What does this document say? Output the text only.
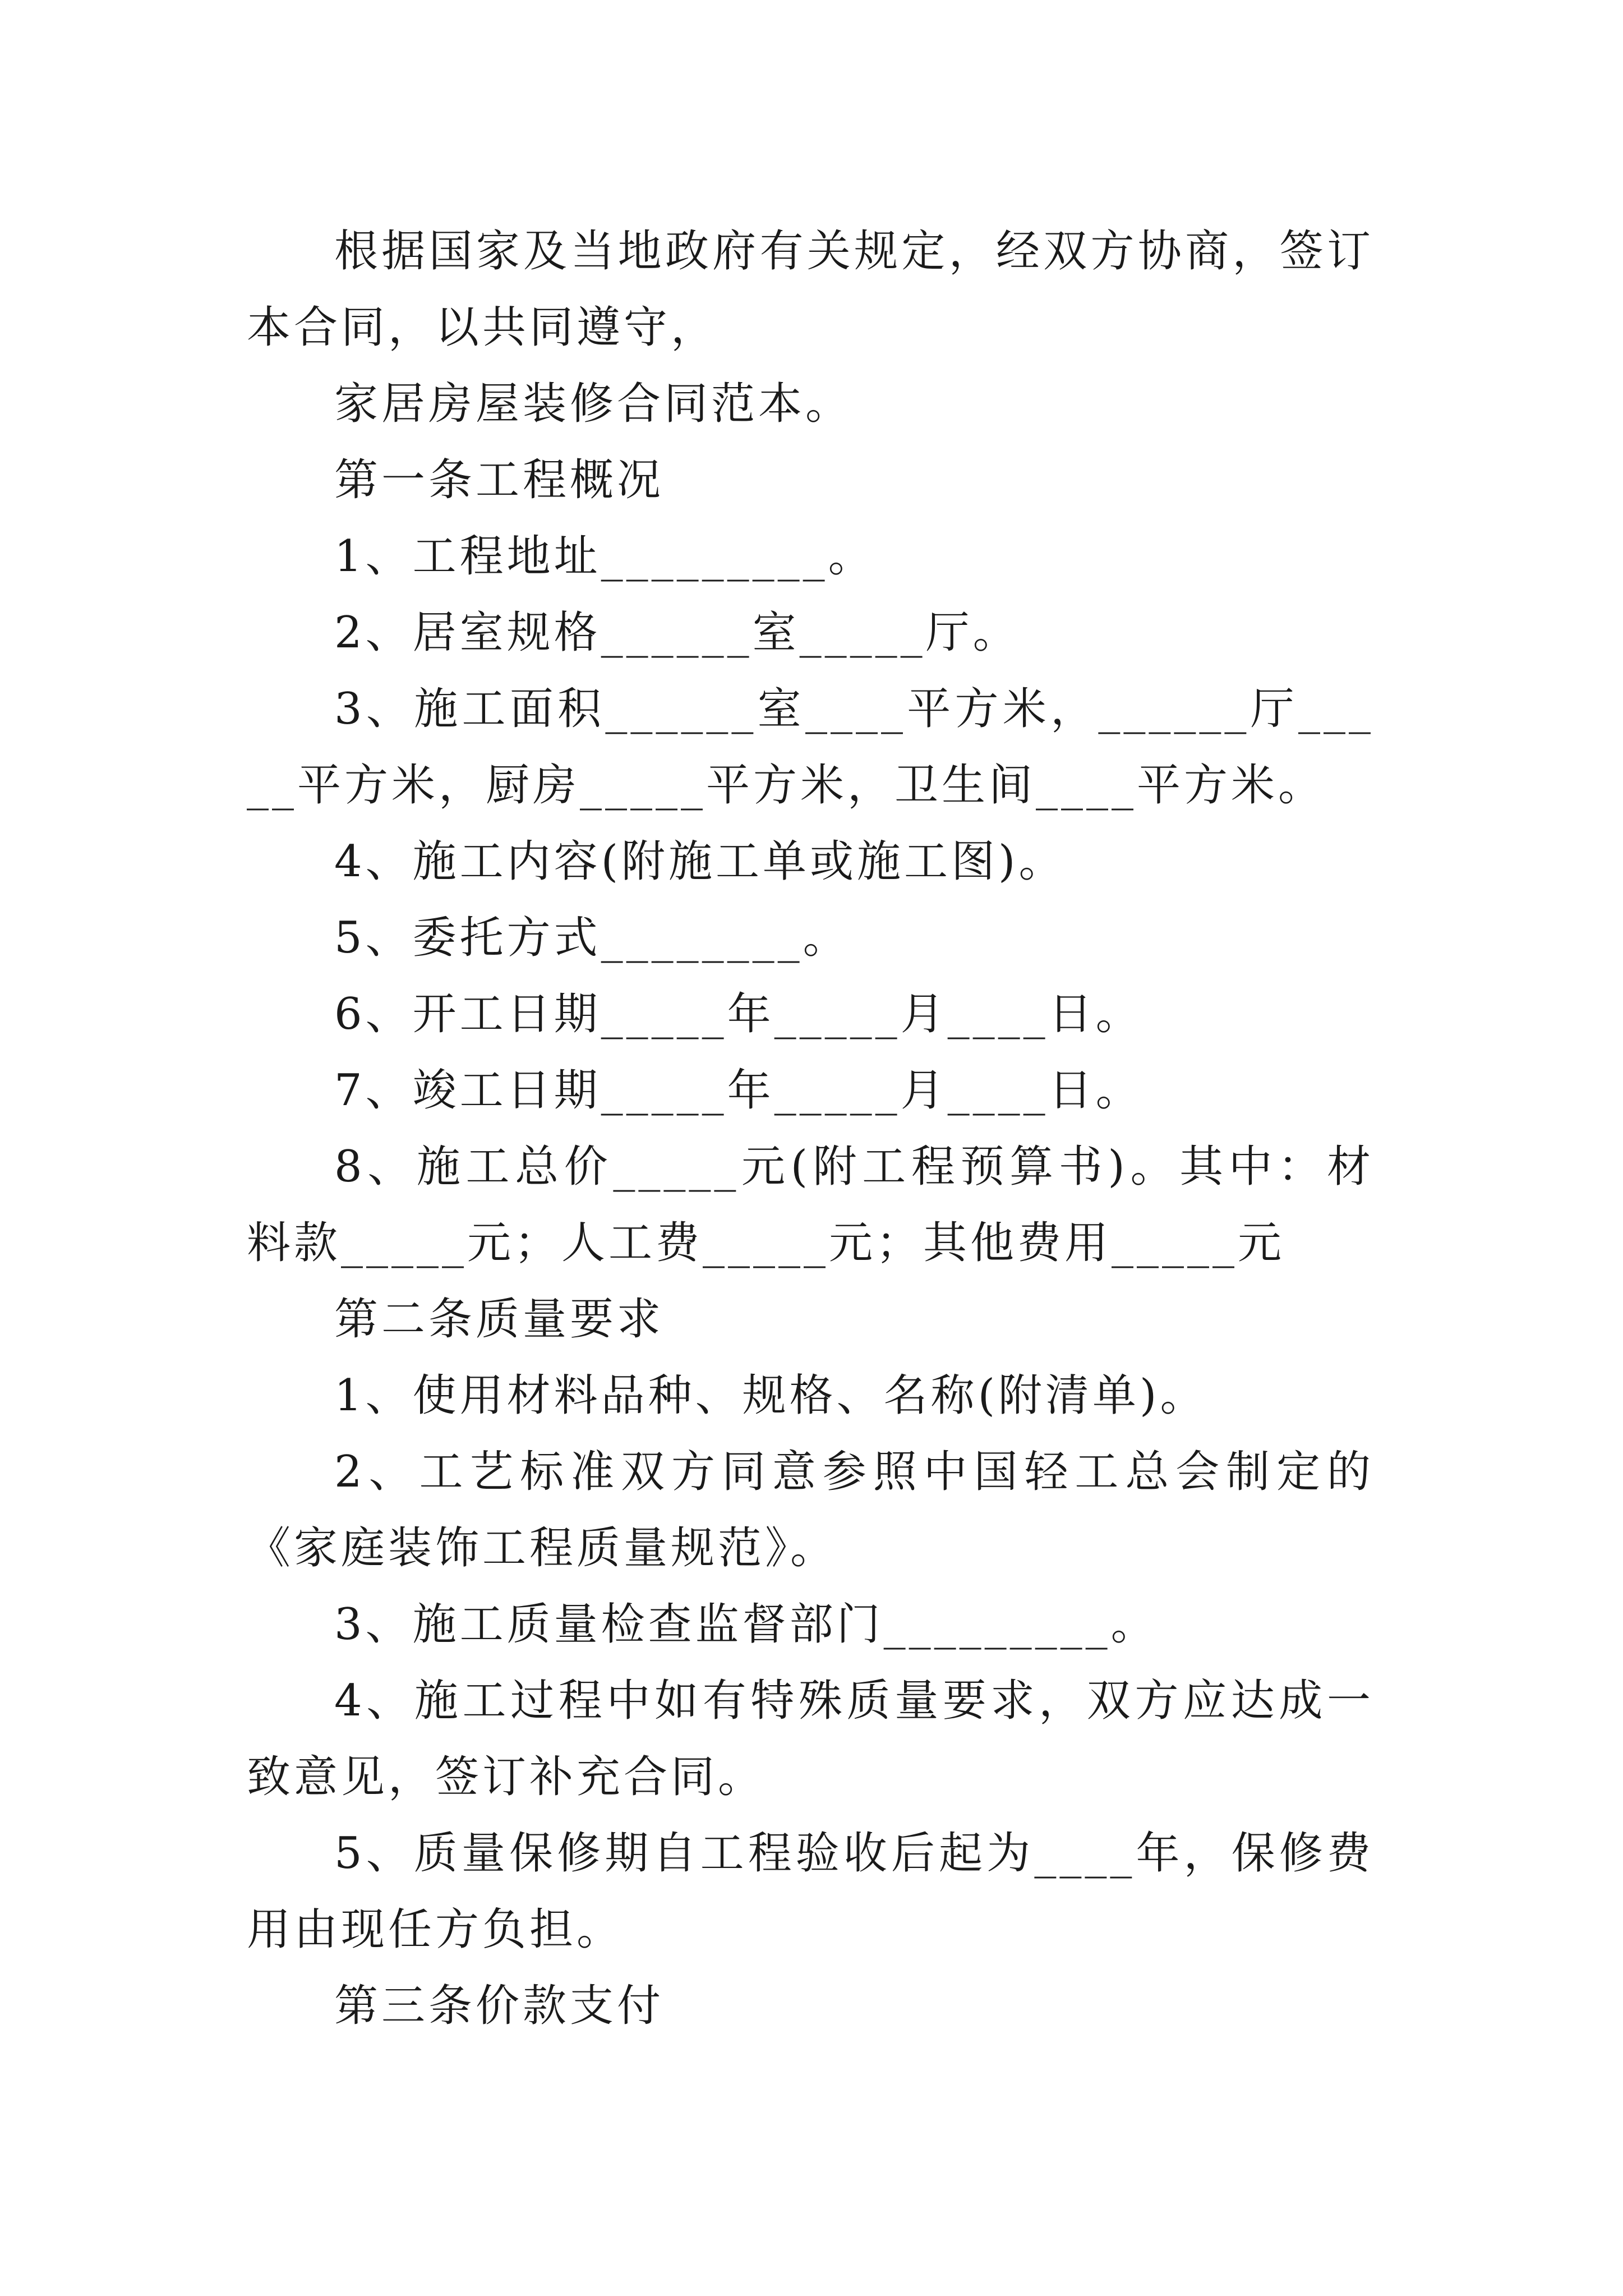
根据国家及当地政府有关规定，经双方协商，签订本合同，以共同遵守，

家居房屋装修合同范本。

第一条工程概况

1、工程地址_________。

2、居室规格______室_____厅。

3、施工面积______室____平方米，______厅_____平方米，厨房_____平方米，卫生间____平方米。

4、施工内容(附施工单或施工图)。

5、委托方式________。

6、开工日期_____年_____月____日。

7、竣工日期_____年_____月____日。

8、施工总价_____元(附工程预算书)。其中：材料款_____元；人工费_____元；其他费用_____元

第二条质量要求

1、使用材料品种、规格、名称(附清单)。

2、工艺标准双方同意参照中国轻工总会制定的《家庭装饰工程质量规范》。

3、施工质量检查监督部门_________。

4、施工过程中如有特殊质量要求，双方应达成一致意见，签订补充合同。

5、质量保修期自工程验收后起为____年，保修费用由现任方负担。

第三条价款支付
